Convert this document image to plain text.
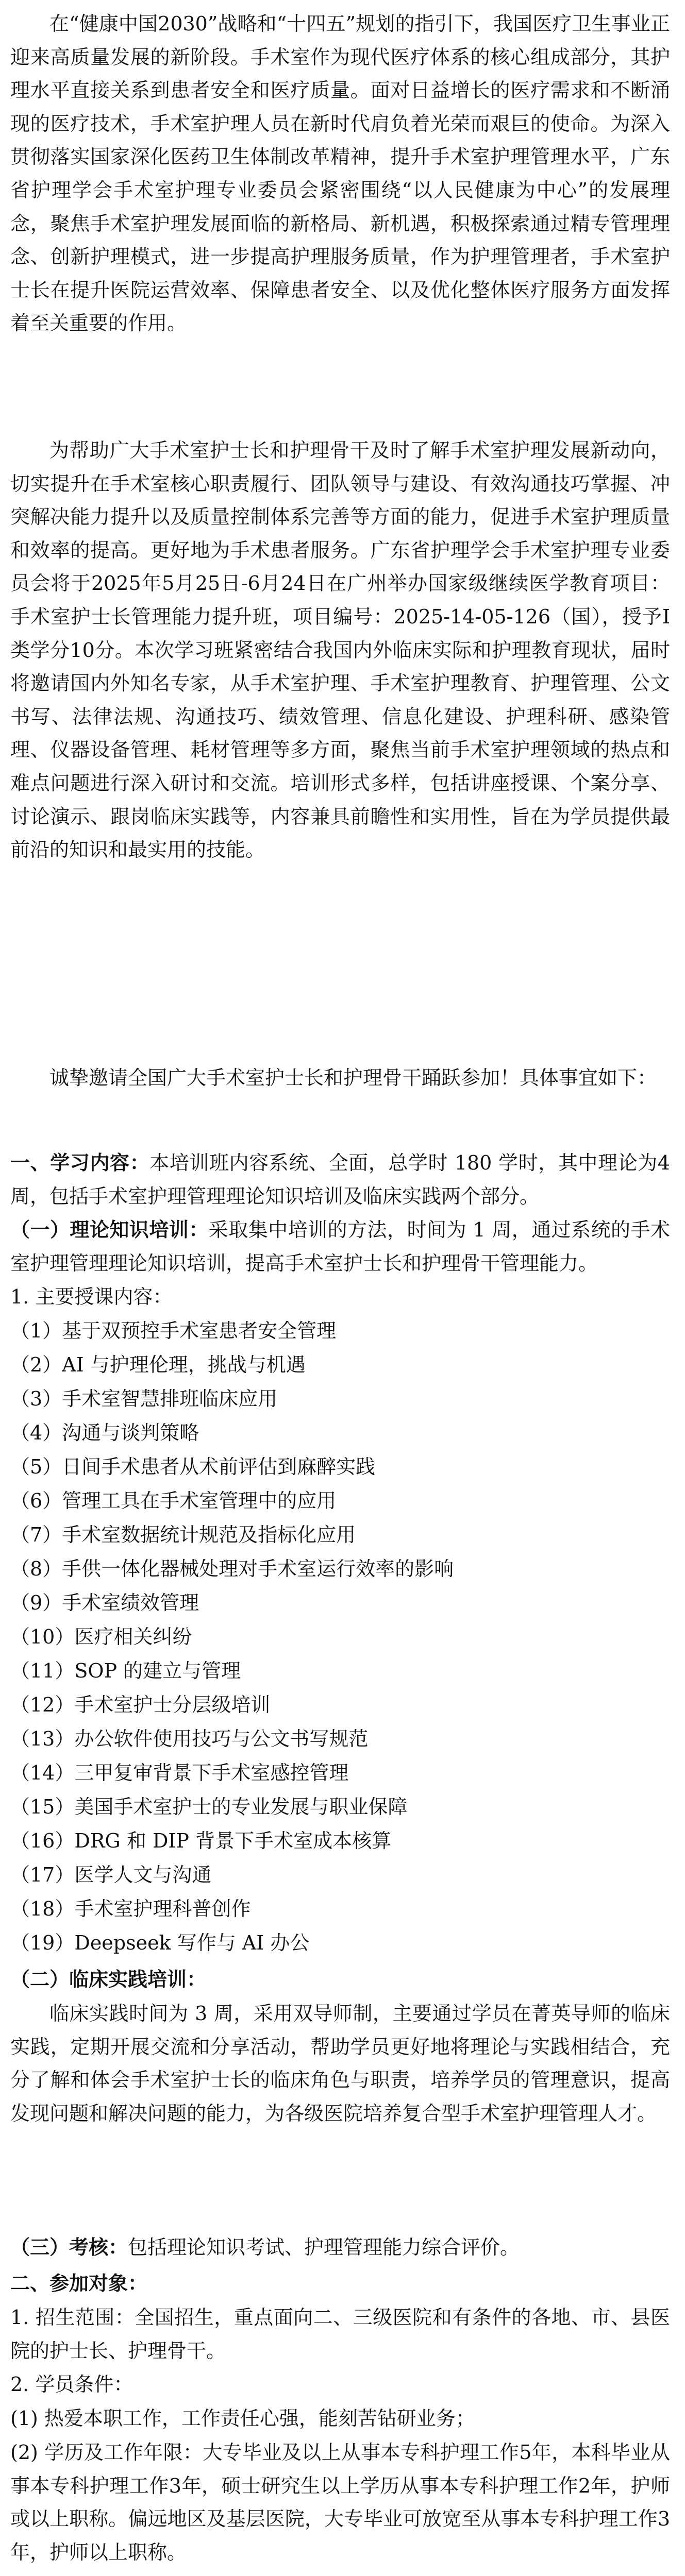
在“健康中国2030”战略和“十四五”规划的指引下，我国医疗卫生事业正迎来高质量发展的新阶段。手术室作为现代医疗体系的核心组成部分，其护理水平直接关系到患者安全和医疗质量。面对日益增长的医疗需求和不断涌现的医疗技术，手术室护理人员在新时代肩负着光荣而艰巨的使命。为深入贯彻落实国家深化医药卫生体制改革精神，提升手术室护理管理水平，广东省护理学会手术室护理专业委员会紧密围绕“以人民健康为中心”的发展理念，聚焦手术室护理发展面临的新格局、新机遇，积极探索通过精专管理理念、创新护理模式，进一步提高护理服务质量，作为护理管理者，手术室护士长在提升医院运营效率、保障患者安全、以及优化整体医疗服务方面发挥着至关重要的作用。

为帮助广大手术室护士长和护理骨干及时了解手术室护理发展新动向，切实提升在手术室核心职责履行、团队领导与建设、有效沟通技巧掌握、冲突解决能力提升以及质量控制体系完善等方面的能力，促进手术室护理质量和效率的提高。更好地为手术患者服务。广东省护理学会手术室护理专业委员会将于2025年5月25日-6月24日在广州举办国家级继续医学教育项目：手术室护士长管理能力提升班，项目编号：2025-14-05-126（国），授予I类学分10分。本次学习班紧密结合我国内外临床实际和护理教育现状，届时将邀请国内外知名专家，从手术室护理、手术室护理教育、护理管理、公文书写、法律法规、沟通技巧、绩效管理、信息化建设、护理科研、感染管理、仪器设备管理、耗材管理等多方面，聚焦当前手术室护理领域的热点和难点问题进行深入研讨和交流。培训形式多样，包括讲座授课、个案分享、讨论演示、跟岗临床实践等，内容兼具前瞻性和实用性，旨在为学员提供最前沿的知识和最实用的技能。

诚挚邀请全国广大手术室护士长和护理骨干踊跃参加！具体事宜如下：

一、学习内容：本培训班内容系统、全面，总学时 180 学时，其中理论为4周，包括手术室护理管理理论知识培训及临床实践两个部分。

（一）理论知识培训：采取集中培训的方法，时间为 1 周，通过系统的手术室护理管理理论知识培训，提高手术室护士长和护理骨干管理能力。

1. 主要授课内容：

（1）基于双预控手术室患者安全管理

（2）AI 与护理伦理，挑战与机遇

（3）手术室智慧排班临床应用

（4）沟通与谈判策略

（5）日间手术患者从术前评估到麻醉实践

（6）管理工具在手术室管理中的应用

（7）手术室数据统计规范及指标化应用

（8）手供一体化器械处理对手术室运行效率的影响

（9）手术室绩效管理

（10）医疗相关纠纷

（11）SOP 的建立与管理

（12）手术室护士分层级培训

（13）办公软件使用技巧与公文书写规范

（14）三甲复审背景下手术室感控管理

（15）美国手术室护士的专业发展与职业保障

（16）DRG 和 DIP 背景下手术室成本核算

（17）医学人文与沟通

（18）手术室护理科普创作

（19）Deepseek 写作与 AI 办公

（二）临床实践培训：

临床实践时间为 3 周，采用双导师制，主要通过学员在菁英导师的临床实践，定期开展交流和分享活动，帮助学员更好地将理论与实践相结合，充分了解和体会手术室护士长的临床角色与职责，培养学员的管理意识，提高发现问题和解决问题的能力，为各级医院培养复合型手术室护理管理人才。

（三）考核：包括理论知识考试、护理管理能力综合评价。

二、参加对象：

1. 招生范围：全国招生，重点面向二、三级医院和有条件的各地、市、县医院的护士长、护理骨干。

2. 学员条件：

(1) 热爱本职工作，工作责任心强，能刻苦钻研业务；

(2) 学历及工作年限：大专毕业及以上从事本专科护理工作5年，本科毕业从事本专科护理工作3年，硕士研究生以上学历从事本专科护理工作2年，护师或以上职称。偏远地区及基层医院，大专毕业可放宽至从事本专科护理工作3年，护师以上职称。
